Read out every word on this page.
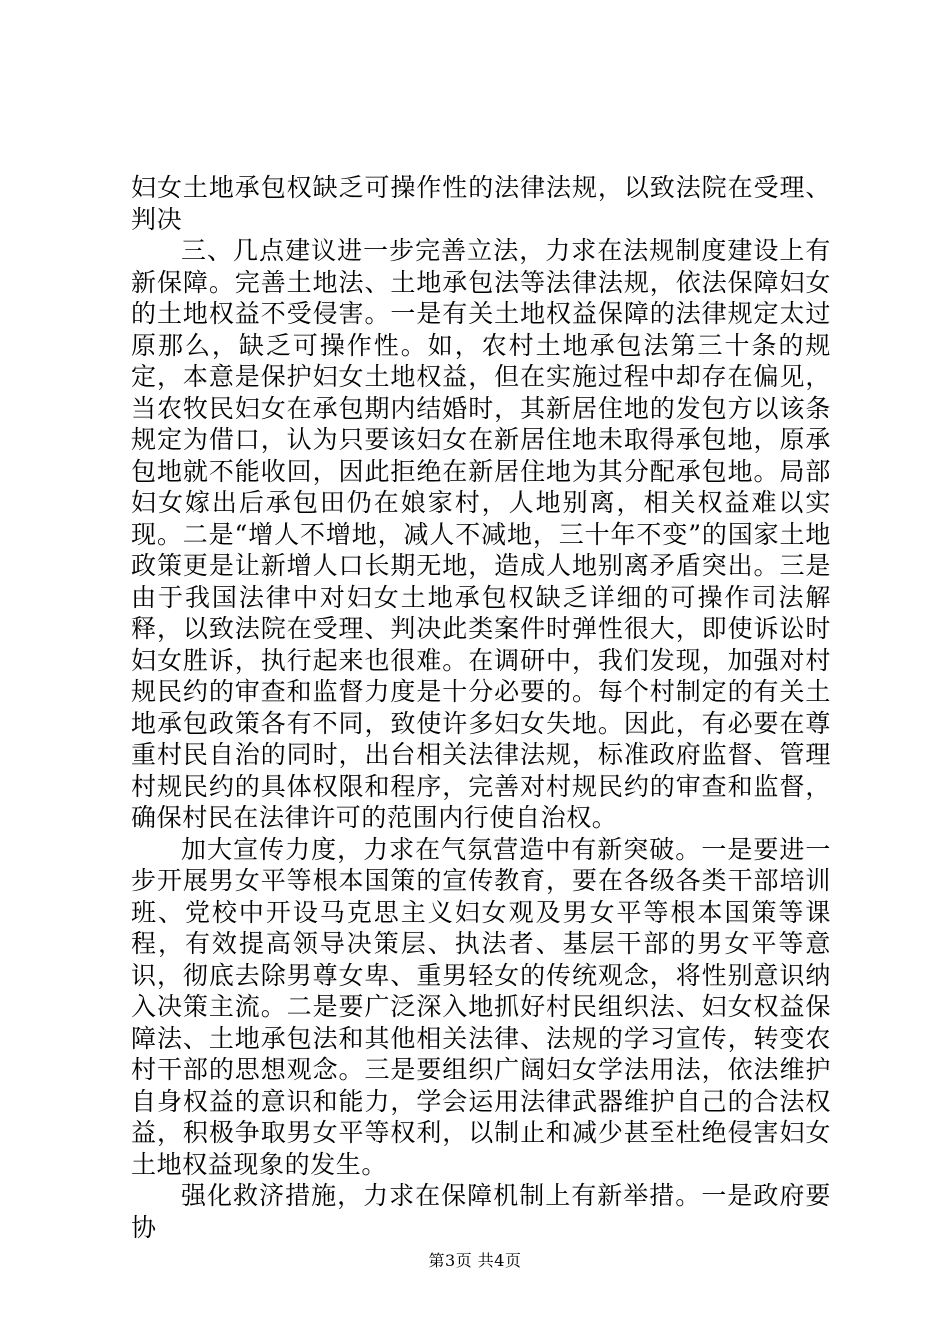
妇女土地承包权缺乏可操作性的法律法规，以致法院在受理、判决

三、几点建议进一步完善立法，力求在法规制度建设上有新保障。完善土地法、土地承包法等法律法规，依法保障妇女的土地权益不受侵害。一是有关土地权益保障的法律规定太过原那么，缺乏可操作性。如，农村土地承包法第三十条的规定，本意是保护妇女土地权益，但在实施过程中却存在偏见，当农牧民妇女在承包期内结婚时，其新居住地的发包方以该条规定为借口，认为只要该妇女在新居住地未取得承包地，原承包地就不能收回，因此拒绝在新居住地为其分配承包地。局部妇女嫁出后承包田仍在娘家村，人地别离，相关权益难以实现。二是“增人不增地，减人不减地，三十年不变”的国家土地政策更是让新增人口长期无地，造成人地别离矛盾突出。三是由于我国法律中对妇女土地承包权缺乏详细的可操作司法解释，以致法院在受理、判决此类案件时弹性很大，即使诉讼时妇女胜诉，执行起来也很难。在调研中，我们发现，加强对村规民约的审查和监督力度是十分必要的。每个村制定的有关土地承包政策各有不同，致使许多妇女失地。因此，有必要在尊重村民自治的同时，出台相关法律法规，标准政府监督、管理村规民约的具体权限和程序，完善对村规民约的审查和监督，确保村民在法律许可的范围内行使自治权。

加大宣传力度，力求在气氛营造中有新突破。一是要进一步开展男女平等根本国策的宣传教育，要在各级各类干部培训班、党校中开设马克思主义妇女观及男女平等根本国策等课程，有效提高领导决策层、执法者、基层干部的男女平等意识，彻底去除男尊女卑、重男轻女的传统观念，将性别意识纳入决策主流。二是要广泛深入地抓好村民组织法、妇女权益保障法、土地承包法和其他相关法律、法规的学习宣传，转变农村干部的思想观念。三是要组织广阔妇女学法用法，依法维护自身权益的意识和能力，学会运用法律武器维护自己的合法权益，积极争取男女平等权利，以制止和减少甚至杜绝侵害妇女土地权益现象的发生。

强化救济措施，力求在保障机制上有新举措。一是政府要协

第3页 共4页
